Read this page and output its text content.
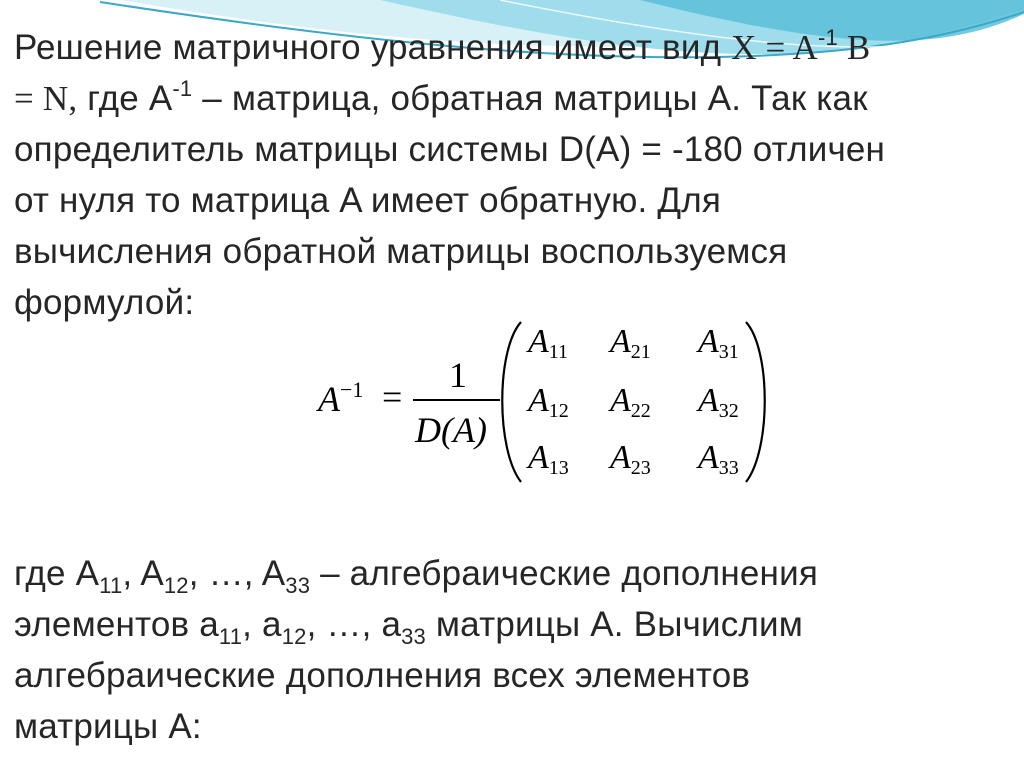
Решение матричного уравнения имеет вид $X = A^{-1}$ B
= N, где $A^{-1}$ – матрица, обратная матрицы A. Так как
определитель матрицы системы D(A) = -180 отличен
от нуля то матрица A имеет обратную. Для
вычисления обратной матрицы воспользуемся
формулой:
$A^{-1}$ =
1
D(A)
A11 A21 A31
A12 A22 A32
A13 A23 A33
где $A_{11}$, $A_{12}$, …, $A_{33}$ – алгебраические дополнения
элементов $a_{11}$, $a_{12}$, …, $a_{33}$ матрицы A. Вычислим
алгебраические дополнения всех элементов
матрицы A:
